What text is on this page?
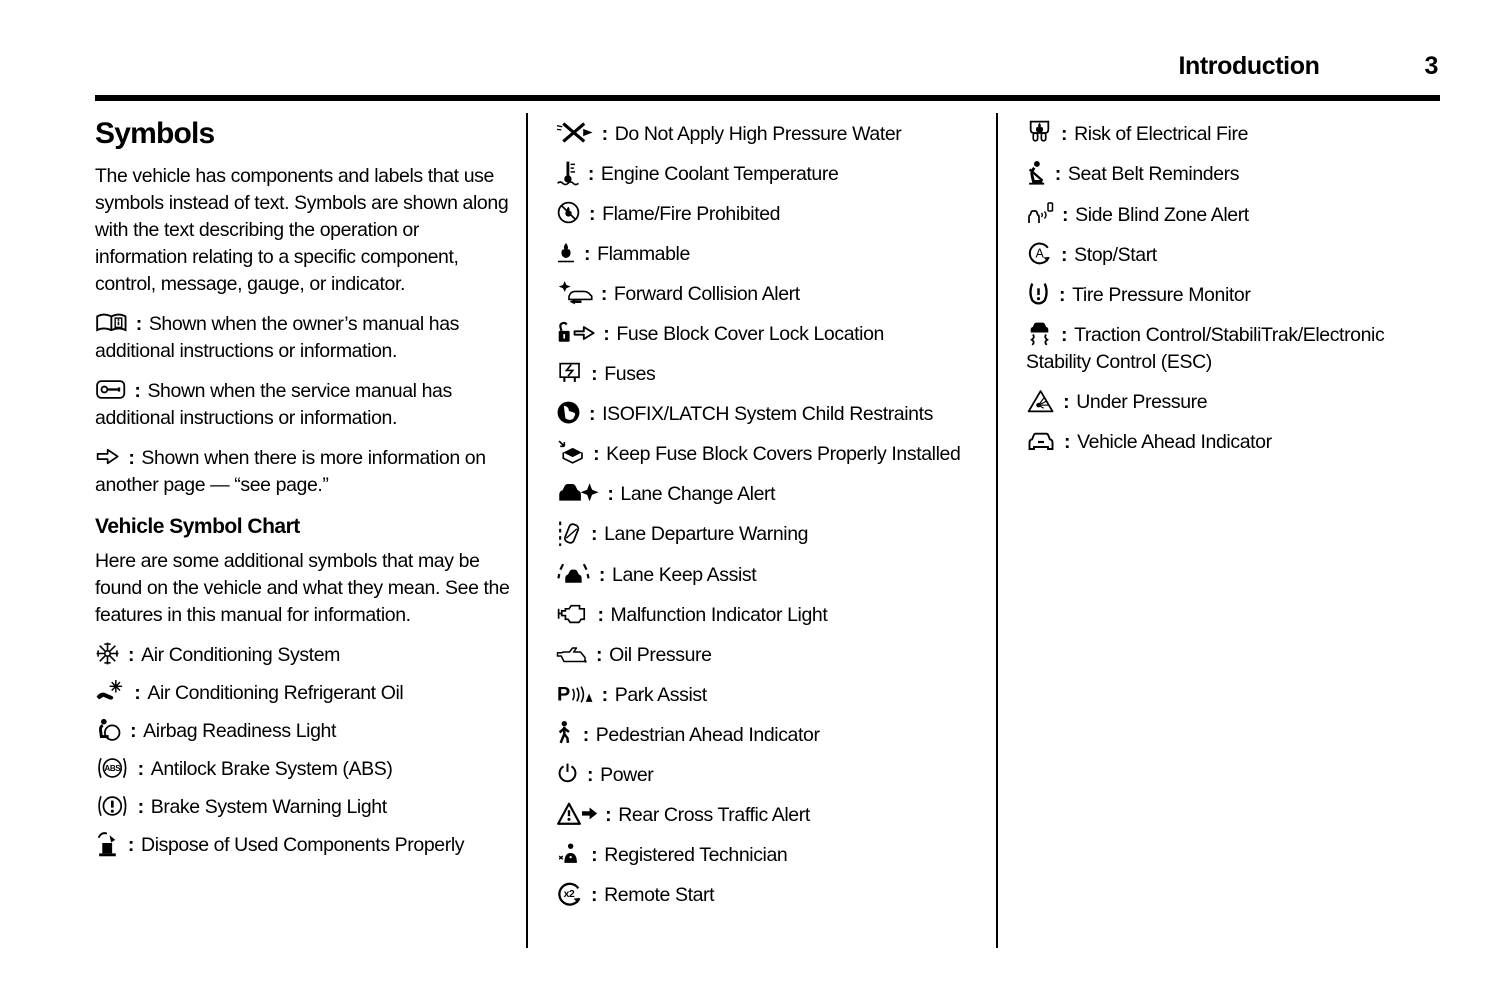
Introduction	3
Symbols

The vehicle has components and labels that use symbols instead of text. Symbols are shown along with the text describing the operation or information relating to a specific component, control, message, gauge, or indicator.

: Shown when the owner’s manual has additional instructions or information.

: Shown when the service manual has additional instructions or information.

: Shown when there is more information on another page — “see page.”

Vehicle Symbol Chart

Here are some additional symbols that may be found on the vehicle and what they mean. See the features in this manual for information.

: Air Conditioning System
: Air Conditioning Refrigerant Oil
: Airbag Readiness Light
ABS : Antilock Brake System (ABS)
: Brake System Warning Light
: Dispose of Used Components Properly
: Do Not Apply High Pressure Water
: Engine Coolant Temperature
: Flame/Fire Prohibited
: Flammable
: Forward Collision Alert
: Fuse Block Cover Lock Location
: Fuses
: ISOFIX/LATCH System Child Restraints
: Keep Fuse Block Covers Properly Installed
: Lane Change Alert
: Lane Departure Warning
: Lane Keep Assist
: Malfunction Indicator Light
: Oil Pressure
P : Park Assist
: Pedestrian Ahead Indicator
: Power
: Rear Cross Traffic Alert
: Registered Technician
x2 : Remote Start
: Risk of Electrical Fire
: Seat Belt Reminders
: Side Blind Zone Alert
A : Stop/Start
: Tire Pressure Monitor
: Traction Control/StabiliTrak/Electronic Stability Control (ESC)
: Under Pressure
: Vehicle Ahead Indicator
